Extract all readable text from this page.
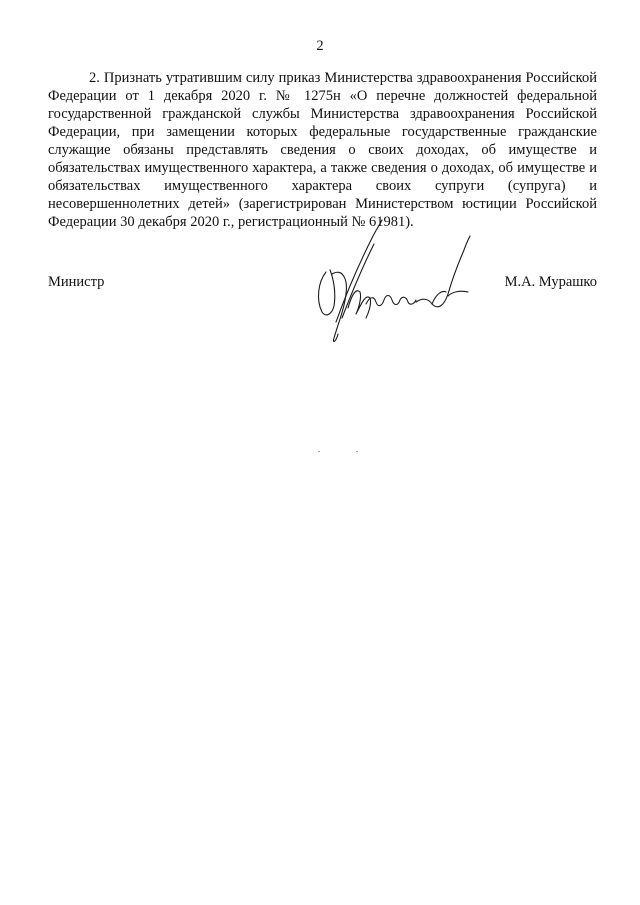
2

2. Признать утратившим силу приказ Министерства здравоохранения Российской Федерации от 1 декабря 2020 г. № 1275н «О перечне должностей федеральной государственной гражданской службы Министерства здравоохранения Российской Федерации, при замещении которых федеральные государственные гражданские служащие обязаны представлять сведения о своих доходах, об имуществе и обязательствах имущественного характера, а также сведения о доходах, об имуществе и обязательствах имущественного характера своих супруги (супруга) и несовершеннолетних детей» (зарегистрирован Министерством юстиции Российской Федерации 30 декабря 2020 г., регистрационный № 61981).

Министр	М.А. Мурашко
